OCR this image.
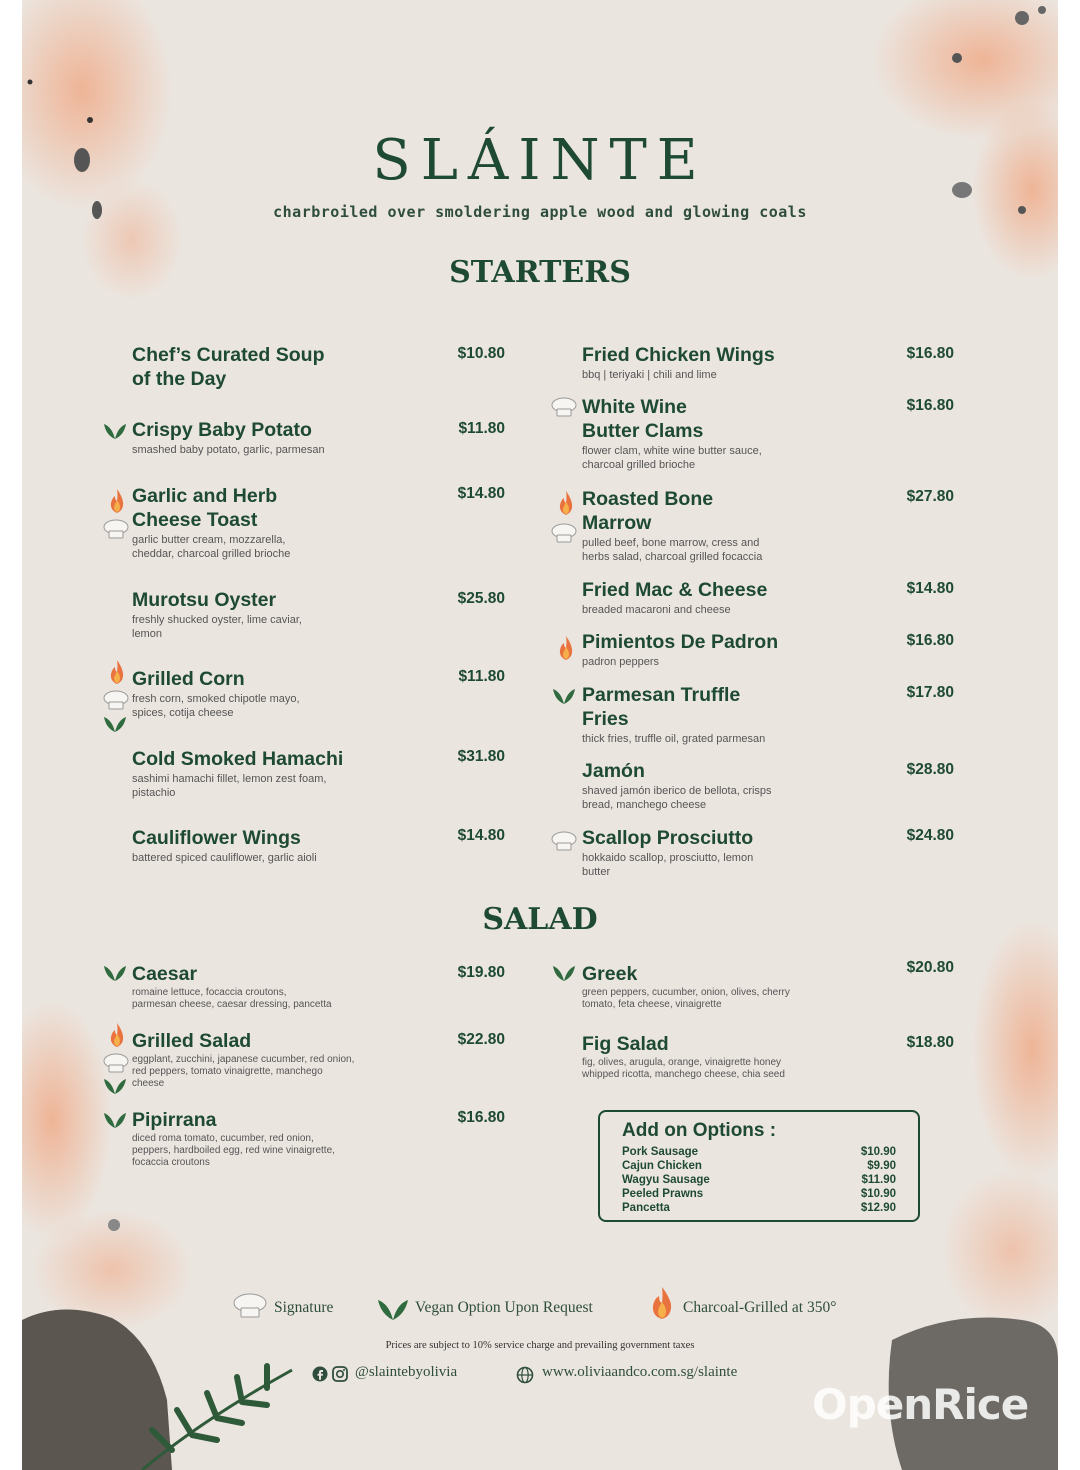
SLÁINTE
charbroiled over smoldering apple wood and glowing coals
STARTERS
Chef’s Curated Soup
of the Day
$10.80
Crispy Baby Potato
smashed baby potato, garlic, parmesan
$11.80
Garlic and Herb
Cheese Toast
garlic butter cream, mozzarella,
cheddar, charcoal grilled brioche
$14.80
Murotsu Oyster
freshly shucked oyster, lime caviar,
lemon
$25.80
Grilled Corn
fresh corn, smoked chipotle mayo,
spices, cotija cheese
$11.80
Cold Smoked Hamachi
sashimi hamachi fillet, lemon zest foam,
pistachio
$31.80
Cauliflower Wings
battered spiced cauliflower, garlic aioli
$14.80
Fried Chicken Wings
bbq | teriyaki | chili and lime
$16.80
White Wine
Butter Clams
flower clam, white wine butter sauce,
charcoal grilled brioche
$16.80
Roasted Bone
Marrow
pulled beef, bone marrow, cress and
herbs salad, charcoal grilled focaccia
$27.80
Fried Mac & Cheese
breaded macaroni and cheese
$14.80
Pimientos De Padron
padron peppers
$16.80
Parmesan Truffle
Fries
thick fries, truffle oil, grated parmesan
$17.80
Jamón
shaved jamón iberico de bellota, crisps
bread, manchego cheese
$28.80
Scallop Prosciutto
hokkaido scallop, prosciutto, lemon
butter
$24.80
SALAD
Caesar
romaine lettuce, focaccia croutons,
parmesan cheese, caesar dressing, pancetta
$19.80
Grilled Salad
eggplant, zucchini, japanese cucumber, red onion,
red peppers, tomato vinaigrette, manchego
cheese
$22.80
Pipirrana
diced roma tomato, cucumber, red onion,
peppers, hardboiled egg, red wine vinaigrette,
focaccia croutons
$16.80
Greek
green peppers, cucumber, onion, olives, cherry
tomato, feta cheese, vinaigrette
$20.80
Fig Salad
fig, olives, arugula, orange, vinaigrette honey
whipped ricotta, manchego cheese, chia seed
$18.80
Add on Options :
Pork Sausage	$10.90
Cajun Chicken	$9.90
Wagyu Sausage	$11.90
Peeled Prawns	$10.90
Pancetta	$12.90
Signature	Vegan Option Upon Request	Charcoal-Grilled at 350°
Prices are subject to 10% service charge and prevailing government taxes
@slaintebyolivia	www.oliviaandco.com.sg/slainte
OpenRice
